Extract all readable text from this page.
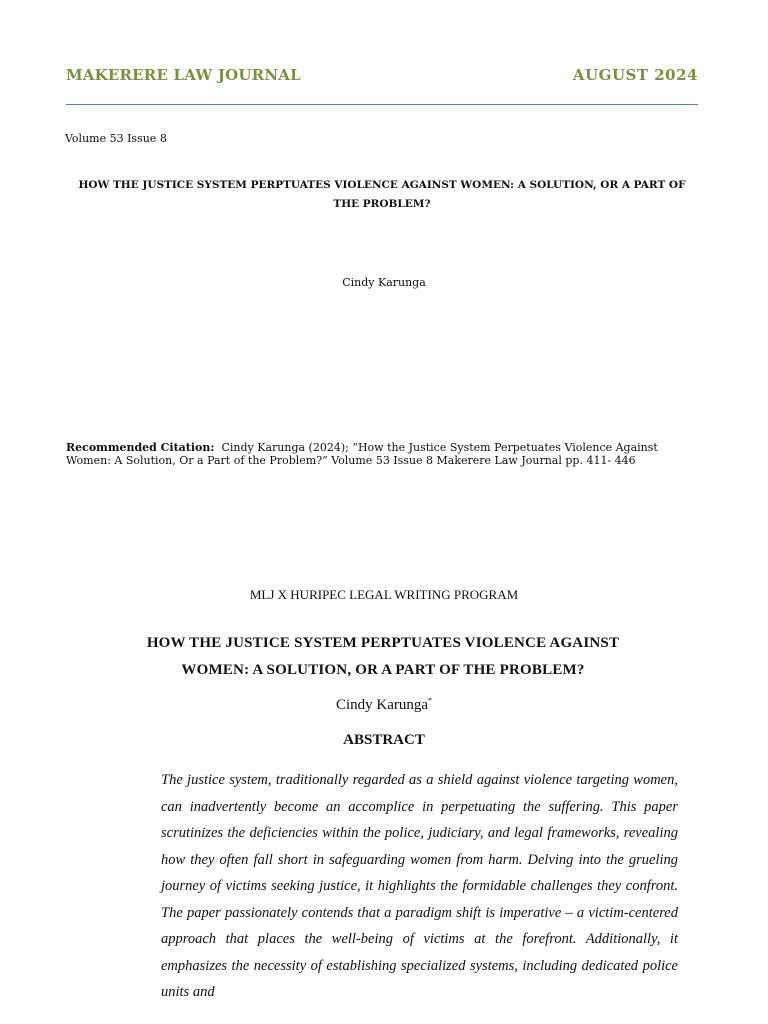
MAKERERE LAW JOURNAL	AUGUST 2024
Volume 53 Issue 8
HOW THE JUSTICE SYSTEM PERPTUATES VIOLENCE AGAINST WOMEN: A SOLUTION, OR A PART OF THE PROBLEM?
Cindy Karunga
Recommended Citation: Cindy Karunga (2024); “How the Justice System Perpetuates Violence Against Women: A Solution, Or a Part of the Problem?” Volume 53 Issue 8 Makerere Law Journal pp. 411- 446
MLJ X HURIPEC LEGAL WRITING PROGRAM
HOW THE JUSTICE SYSTEM PERPTUATES VIOLENCE AGAINST
WOMEN: A SOLUTION, OR A PART OF THE PROBLEM?
Cindy Karunga*
ABSTRACT
The justice system, traditionally regarded as a shield against violence targeting women, can inadvertently become an accomplice in perpetuating the suffering. This paper scrutinizes the deficiencies within the police, judiciary, and legal frameworks, revealing how they often fall short in safeguarding women from harm. Delving into the grueling journey of victims seeking justice, it highlights the formidable challenges they confront. The paper passionately contends that a paradigm shift is imperative – a victim-centered approach that places the well-being of victims at the forefront. Additionally, it emphasizes the necessity of establishing specialized systems, including dedicated police units and
